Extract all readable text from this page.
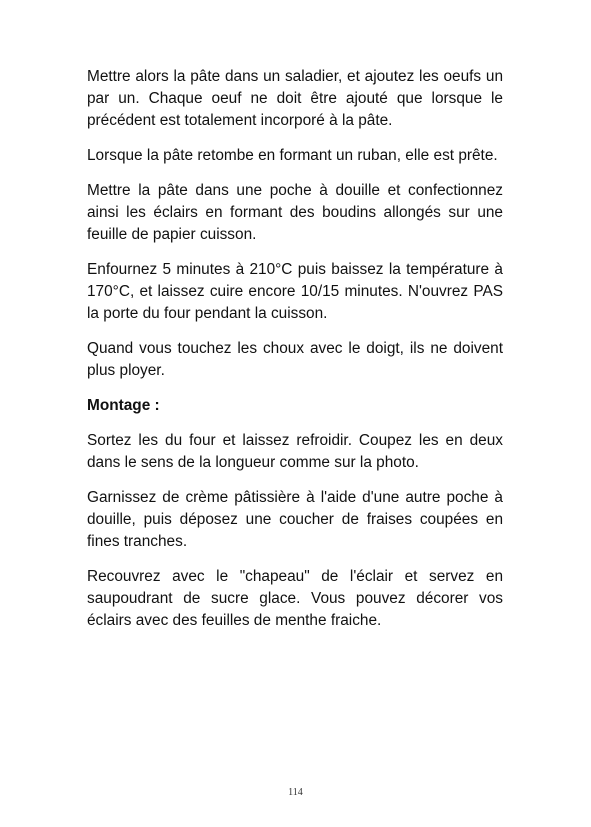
Mettre alors la pâte dans un saladier, et ajoutez les oeufs un par un. Chaque oeuf ne doit être ajouté que lorsque le précédent est totalement incorporé à la pâte.

Lorsque la pâte retombe en formant un ruban, elle est prête.

Mettre la pâte dans une poche à douille et confectionnez ainsi les éclairs en formant des boudins allongés sur une feuille de papier cuisson.

Enfournez 5 minutes à 210°C puis baissez la température à 170°C, et laissez cuire encore 10/15 minutes. N'ouvrez PAS la porte du four pendant la cuisson.

Quand vous touchez les choux avec le doigt, ils ne doivent plus ployer.

Montage :

Sortez les du four et laissez refroidir. Coupez les en deux dans le sens de la longueur comme sur la photo.

Garnissez de crème pâtissière à l'aide d'une autre poche à douille, puis déposez une coucher de fraises coupées en fines tranches.

Recouvrez avec le "chapeau" de l'éclair et servez en saupoudrant de sucre glace. Vous pouvez décorer vos éclairs avec des feuilles de menthe fraiche.

114
